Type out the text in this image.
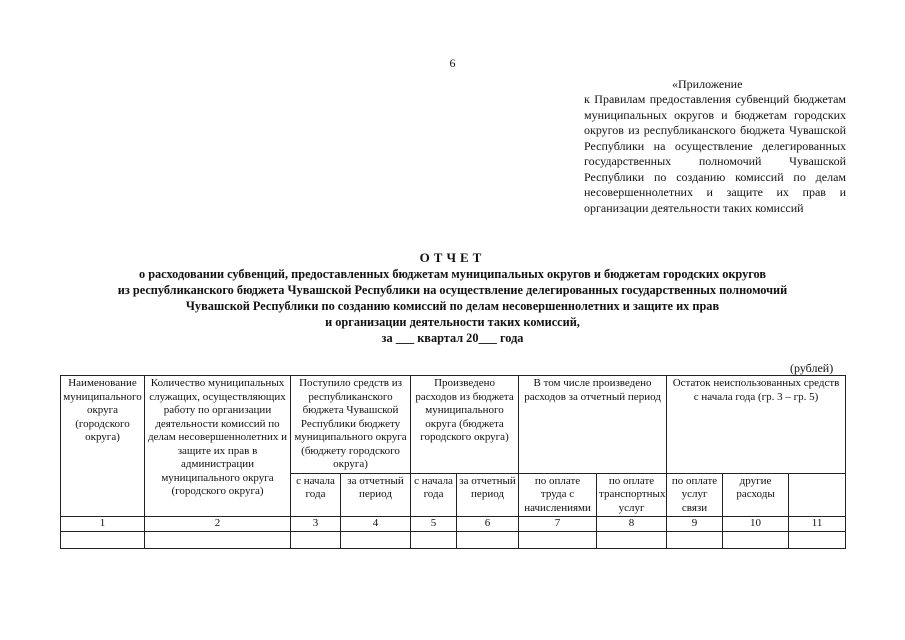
6
«Приложение
к Правилам предоставления субвенций бюджетам муниципальных округов и бюджетам городских округов из республиканского бюджета Чувашской Республики на осуществление делегированных государственных полномочий Чувашской Республики по созданию комиссий по делам несовершеннолетних и защите их прав и организации деятельности таких комиссий
ОТЧЕТ
о расходовании субвенций, предоставленных бюджетам муниципальных округов и бюджетам городских округов
из республиканского бюджета Чувашской Республики на осуществление делегированных государственных полномочий
Чувашской Республики по созданию комиссий по делам несовершеннолетних и защите их прав
и организации деятельности таких комиссий,
за ___ квартал 20___ года
(рублей)
Наименование муниципального округа (городского округа)	Количество муниципальных служащих, осуществляющих работу по организации деятельности комиссий по делам несовершеннолетних и защите их прав в администрации муниципального округа (городского округа)	Поступило средств из республиканского бюджета Чувашской Республики бюджету муниципального округа (бюджету городского округа)		Произведено расходов из бюджета муниципального округа (бюджета городского округа)		В том числе произведено расходов за отчетный период		Остаток неиспользованных средств с начала года (гр. 3 – гр. 5)		
		с начала года	за отчетный период	с начала года	за отчетный период	по оплате труда с начислениями	по оплате транспортных услуг	по оплате услуг связи	другие расходы	
1	2	3	4	5	6	7	8	9	10	11
